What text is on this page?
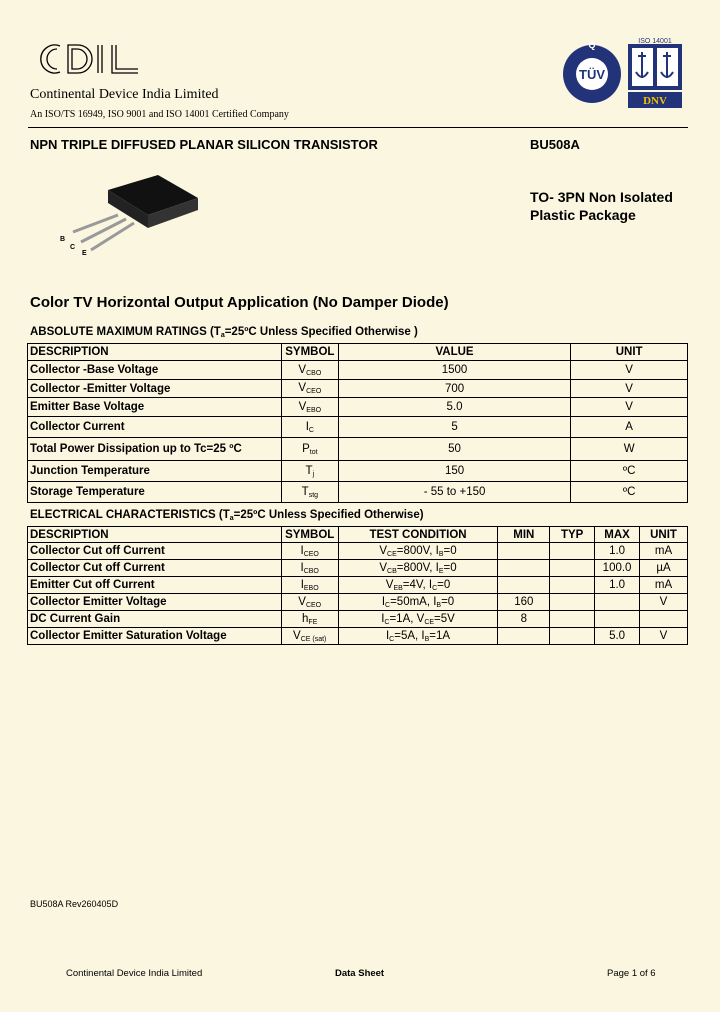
Continental Device India Limited
An ISO/TS 16949, ISO 9001 and ISO 14001 Certified Company
TÜV
Q
DNV
ISO 14001
NPN TRIPLE DIFFUSED PLANAR SILICON TRANSISTOR	BU508A
B
C
E
TO- 3PN Non Isolated
Plastic Package
Color TV Horizontal Output Application (No Damper Diode)
ABSOLUTE MAXIMUM RATINGS ($T_a=25ºC$ Unless Specified Otherwise )
DESCRIPTION	SYMBOL	VALUE	UNIT
Collector -Base Voltage	$V_{CBO}$	1500	V
Collector -Emitter Voltage	$V_{CEO}$	700	V
Emitter Base Voltage	$V_{EBO}$	5.0	V
Collector Current	$I_C$	5	A
Total Power Dissipation up to Tc=25 ºC	$P_{tot}$	50	W
Junction Temperature	$T_j$	150	ºC
Storage Temperature	$T_{stg}$	- 55 to +150	ºC
ELECTRICAL CHARACTERISTICS ($T_a=25ºC$ Unless Specified Otherwise)
DESCRIPTION	SYMBOL	TEST CONDITION	MIN	TYP	MAX	UNIT
Collector Cut off Current	$I_{CEO}$	$V_{CE}=800V$, $I_B=0$			1.0	mA
Collector Cut off Current	$I_{CBO}$	$V_{CB}=800V$, $I_E=0$			100.0	µA
Emitter Cut off Current	$I_{EBO}$	$V_{EB}=4V$, $I_C=0$			1.0	mA
Collector Emitter Voltage	$V_{CEO}$	$I_C=50mA$, $I_B=0$	160			V
DC Current Gain	$h_{FE}$	$I_C=1A$, $V_{CE}=5V$	8			
Collector Emitter Saturation Voltage	$V_{CE (sat)}$	$I_C=5A$, $I_B=1A$			5.0	V
BU508A Rev260405D
Continental Device India Limited	Data Sheet	Page 1 of 6
